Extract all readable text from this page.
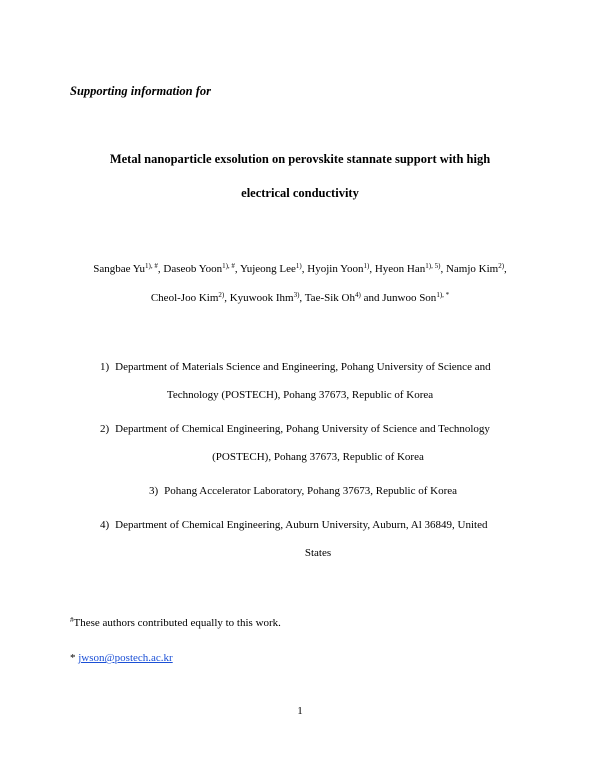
Supporting information for
Metal nanoparticle exsolution on perovskite stannate support with high
electrical conductivity
Sangbae $Yu^{1), \#}$, Daseob Yoon$^{1), \#}$, Yujeong Lee$^{1)}$, Hyojin Yoon$^{1)}$, Hyeon Han$^{1), 5)}$, Namjo Kim$^{2)}$,
Cheol-Joo Kim$^{2)}$, Kyuwook Ihm$^{3)}$, Tae-Sik Oh$^{4)}$ and Junwoo Son$^{1), *}$
1) Department of Materials Science and Engineering, Pohang University of Science and
Technology (POSTECH), Pohang 37673, Republic of Korea
2) Department of Chemical Engineering, Pohang University of Science and Technology
(POSTECH), Pohang 37673, Republic of Korea
3) Pohang Accelerator Laboratory, Pohang 37673, Republic of Korea
4) Department of Chemical Engineering, Auburn University, Auburn, Al 36849, United
States
#These authors contributed equally to this work.
* jwson@postech.ac.kr
1
